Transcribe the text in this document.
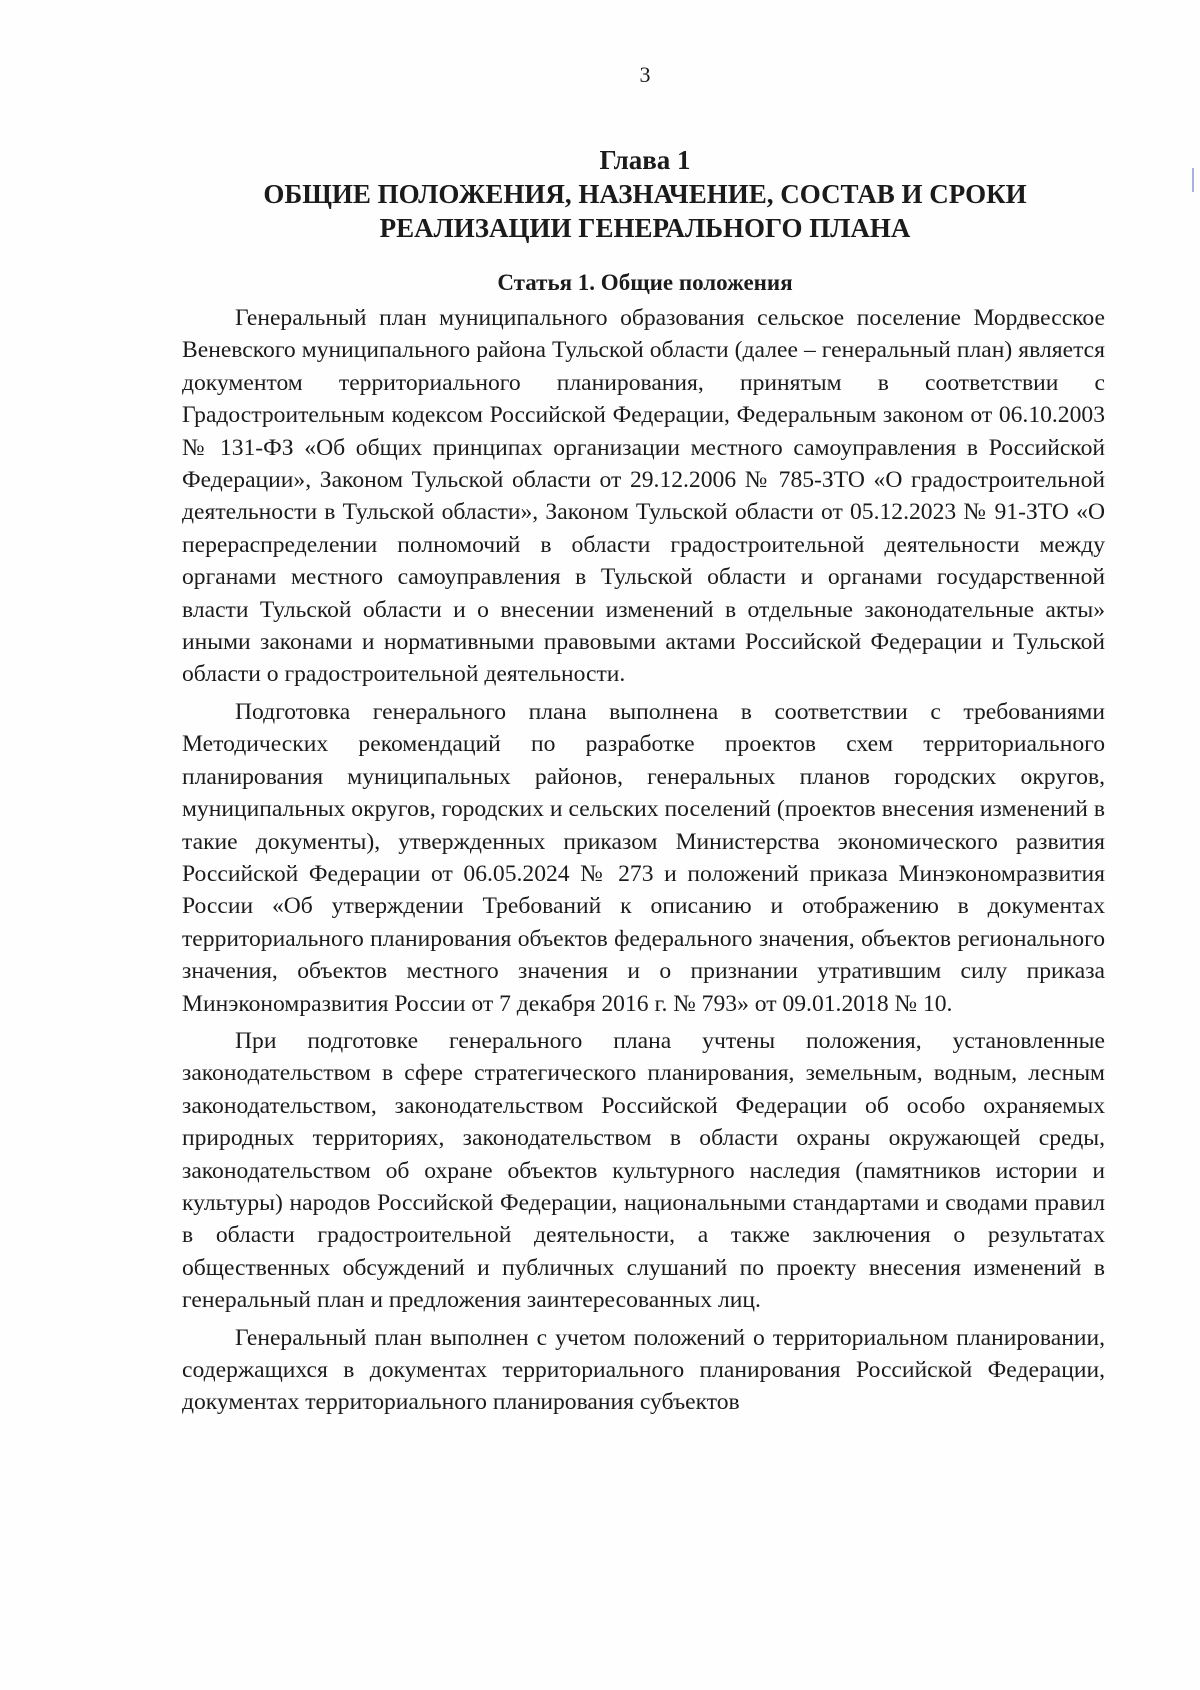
3
Глава 1
ОБЩИЕ ПОЛОЖЕНИЯ, НАЗНАЧЕНИЕ, СОСТАВ И СРОКИ РЕАЛИЗАЦИИ ГЕНЕРАЛЬНОГО ПЛАНА
Статья 1. Общие положения

Генеральный план муниципального образования сельское поселение Мордвесское Веневского муниципального района Тульской области (далее – генеральный план) является документом территориального планирования, принятым в соответствии с Градостроительным кодексом Российской Федерации, Федеральным законом от 06.10.2003 № 131-ФЗ «Об общих принципах организации местного самоуправления в Российской Федерации», Законом Тульской области от 29.12.2006 № 785-ЗТО «О градостроительной деятельности в Тульской области», Законом Тульской области от 05.12.2023 № 91-ЗТО «О перераспределении полномочий в области градостроительной деятельности между органами местного самоуправления в Тульской области и органами государственной власти Тульской области и о внесении изменений в отдельные законодательные акты» иными законами и нормативными правовыми актами Российской Федерации и Тульской области о градостроительной деятельности.

Подготовка генерального плана выполнена в соответствии с требованиями Методических рекомендаций по разработке проектов схем территориального планирования муниципальных районов, генеральных планов городских округов, муниципальных округов, городских и сельских поселений (проектов внесения изменений в такие документы), утвержденных приказом Министерства экономического развития Российской Федерации от 06.05.2024 № 273 и положений приказа Минэкономразвития России «Об утверждении Требований к описанию и отображению в документах территориального планирования объектов федерального значения, объектов регионального значения, объектов местного значения и о признании утратившим силу приказа Минэкономразвития России от 7 декабря 2016 г. № 793» от 09.01.2018 № 10.

При подготовке генерального плана учтены положения, установленные законодательством в сфере стратегического планирования, земельным, водным, лесным законодательством, законодательством Российской Федерации об особо охраняемых природных территориях, законодательством в области охраны окружающей среды, законодательством об охране объектов культурного наследия (памятников истории и культуры) народов Российской Федерации, национальными стандартами и сводами правил в области градостроительной деятельности, а также заключения о результатах общественных обсуждений и публичных слушаний по проекту внесения изменений в генеральный план и предложения заинтересованных лиц.

Генеральный план выполнен с учетом положений о территориальном планировании, содержащихся в документах территориального планирования Российской Федерации, документах территориального планирования субъектов
